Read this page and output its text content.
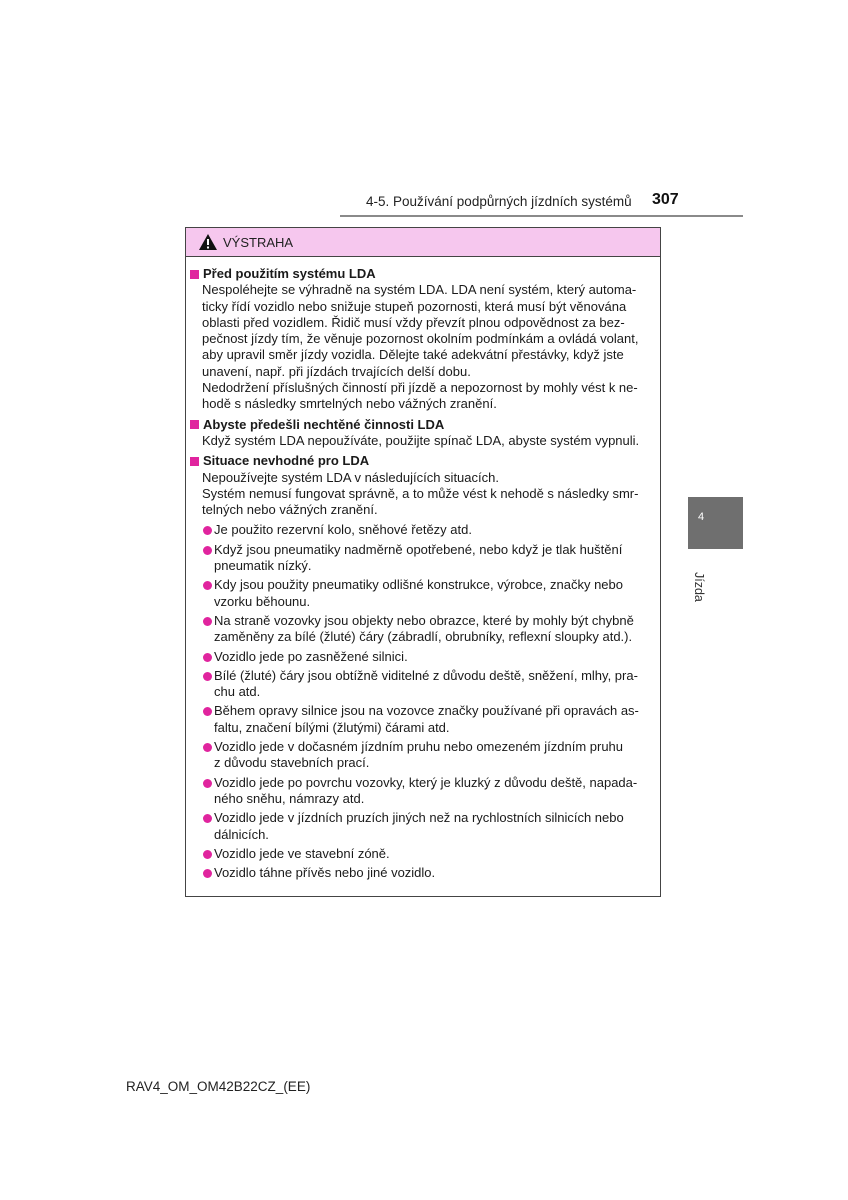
4-5. Používání podpůrných jízdních systémů 307
4
Jízda
VÝSTRAHA
Před použitím systému LDA
Nespoléhejte se výhradně na systém LDA. LDA není systém, který automa-
ticky řídí vozidlo nebo snižuje stupeň pozornosti, která musí být věnována
oblasti před vozidlem. Řidič musí vždy převzít plnou odpovědnost za bez-
pečnost jízdy tím, že věnuje pozornost okolním podmínkám a ovládá volant,
aby upravil směr jízdy vozidla. Dělejte také adekvátní přestávky, když jste
unavení, např. při jízdách trvajících delší dobu.
Nedodržení příslušných činností při jízdě a nepozornost by mohly vést k ne-
hodě s následky smrtelných nebo vážných zranění.
Abyste předešli nechtěné činnosti LDA
Když systém LDA nepoužíváte, použijte spínač LDA, abyste systém vypnuli.
Situace nevhodné pro LDA
Nepoužívejte systém LDA v následujících situacích.
Systém nemusí fungovat správně, a to může vést k nehodě s následky smr-
telných nebo vážných zranění.
Je použito rezervní kolo, sněhové řetězy atd.
Když jsou pneumatiky nadměrně opotřebené, nebo když je tlak huštění
pneumatik nízký.
Kdy jsou použity pneumatiky odlišné konstrukce, výrobce, značky nebo
vzorku běhounu.
Na straně vozovky jsou objekty nebo obrazce, které by mohly být chybně
zaměněny za bílé (žluté) čáry (zábradlí, obrubníky, reflexní sloupky atd.).
Vozidlo jede po zasněžené silnici.
Bílé (žluté) čáry jsou obtížně viditelné z důvodu deště, sněžení, mlhy, pra-
chu atd.
Během opravy silnice jsou na vozovce značky používané při opravách as-
faltu, značení bílými (žlutými) čárami atd.
Vozidlo jede v dočasném jízdním pruhu nebo omezeném jízdním pruhu
z důvodu stavebních prací.
Vozidlo jede po povrchu vozovky, který je kluzký z důvodu deště, napada-
ného sněhu, námrazy atd.
Vozidlo jede v jízdních pruzích jiných než na rychlostních silnicích nebo
dálnicích.
Vozidlo jede ve stavební zóně.
Vozidlo táhne přívěs nebo jiné vozidlo.
RAV4_OM_OM42B22CZ_(EE)
